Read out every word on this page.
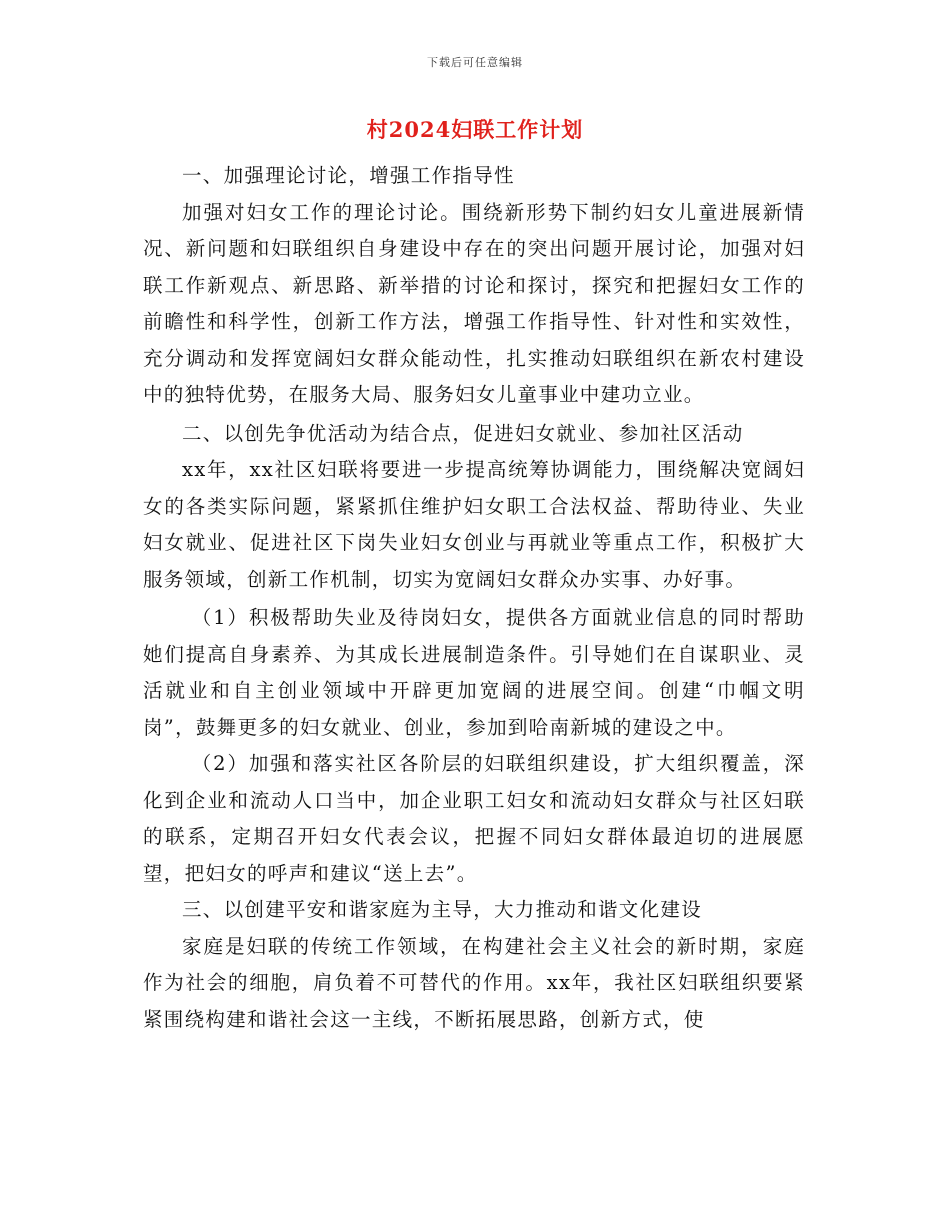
下载后可任意编辑
村2024妇联工作计划

一、加强理论讨论，增强工作指导性

加强对妇女工作的理论讨论。围绕新形势下制约妇女儿童进展新情况、新问题和妇联组织自身建设中存在的突出问题开展讨论，加强对妇联工作新观点、新思路、新举措的讨论和探讨，探究和把握妇女工作的前瞻性和科学性，创新工作方法，增强工作指导性、针对性和实效性，充分调动和发挥宽阔妇女群众能动性，扎实推动妇联组织在新农村建设中的独特优势，在服务大局、服务妇女儿童事业中建功立业。

二、以创先争优活动为结合点，促进妇女就业、参加社区活动

xx年，xx社区妇联将要进一步提高统筹协调能力，围绕解决宽阔妇女的各类实际问题，紧紧抓住维护妇女职工合法权益、帮助待业、失业妇女就业、促进社区下岗失业妇女创业与再就业等重点工作，积极扩大服务领域，创新工作机制，切实为宽阔妇女群众办实事、办好事。

（1）积极帮助失业及待岗妇女，提供各方面就业信息的同时帮助她们提高自身素养、为其成长进展制造条件。引导她们在自谋职业、灵活就业和自主创业领域中开辟更加宽阔的进展空间。创建“巾帼文明岗”，鼓舞更多的妇女就业、创业，参加到哈南新城的建设之中。

（2）加强和落实社区各阶层的妇联组织建设，扩大组织覆盖，深化到企业和流动人口当中，加企业职工妇女和流动妇女群众与社区妇联的联系，定期召开妇女代表会议，把握不同妇女群体最迫切的进展愿望，把妇女的呼声和建议“送上去”。

三、以创建平安和谐家庭为主导，大力推动和谐文化建设

家庭是妇联的传统工作领域，在构建社会主义社会的新时期，家庭作为社会的细胞，肩负着不可替代的作用。xx年，我社区妇联组织要紧紧围绕构建和谐社会这一主线，不断拓展思路，创新方式，使
